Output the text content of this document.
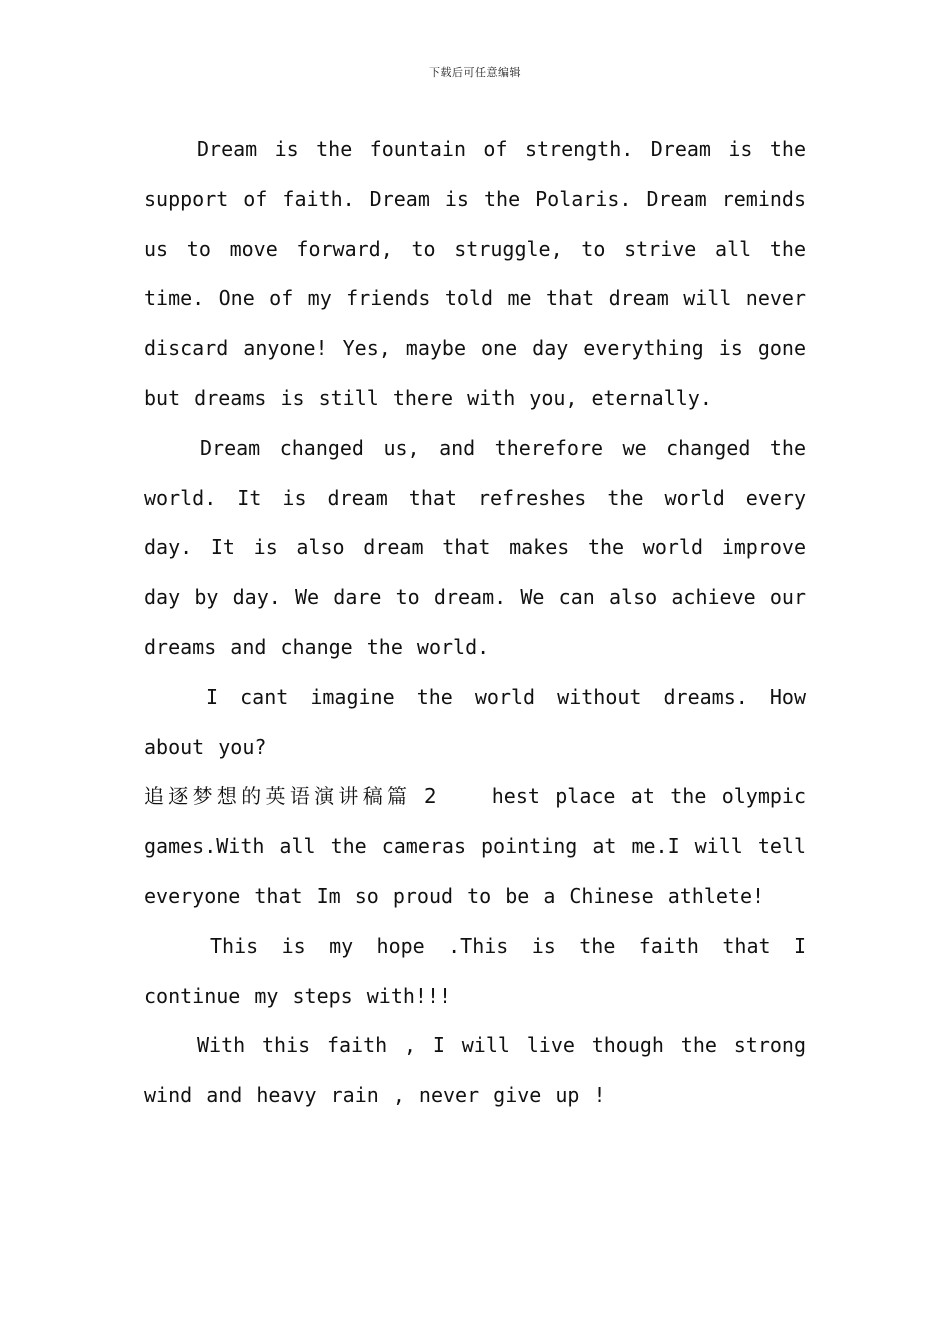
下载后可任意编辑

Dream is the fountain of strength. Dream is the support of faith. Dream is the Polaris. Dream reminds us to move forward, to struggle, to strive all the time. One of my friends told me that dream will never discard anyone! Yes, maybe one day everything is gone but dreams is still there with you, eternally.

Dream changed us, and therefore we changed the world. It is dream that refreshes the world every day. It is also dream that makes the world improve day by day. We dare to dream. We can also achieve our dreams and change the world.

I cant imagine the world without dreams. How about you?

追逐梦想的英语演讲稿篇 2	hest place at the olympic games.With all the cameras pointing at me.I will tell everyone that Im so proud to be a Chinese athlete!

This is my hope .This is the faith that I continue my steps with!!!

With this faith , I will live though the strong wind and heavy rain , never give up !
